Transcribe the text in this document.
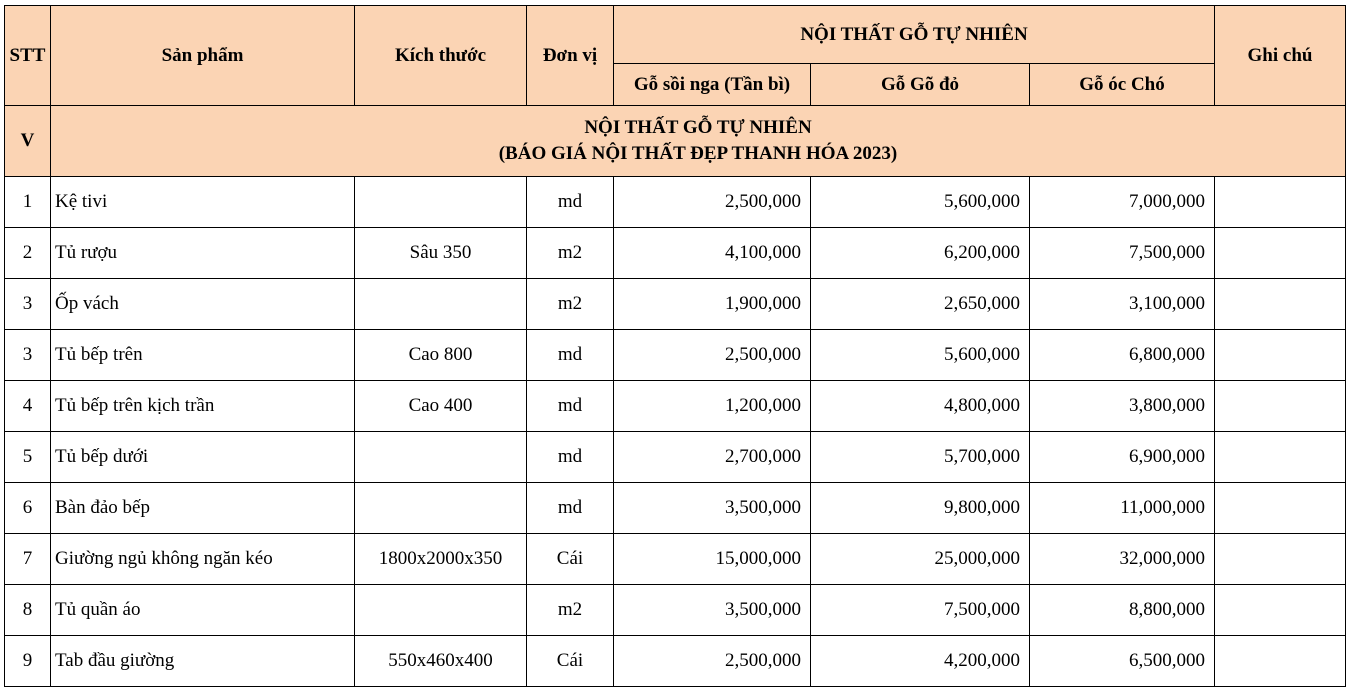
STT	Sản phẩm	Kích thước	Đơn vị	NỘI THẤT GỖ TỰ NHIÊN			Ghi chú
				Gỗ sồi nga (Tần bì)	Gỗ Gõ đỏ	Gỗ óc Chó	
V	NỘI THẤT GỖ TỰ NHIÊN
(BÁO GIÁ NỘI THẤT ĐẸP THANH HÓA 2023)						

1	Kệ tivi		md	2,500,000	5,600,000	7,000,000	
2	Tủ rượu	Sâu 350	m2	4,100,000	6,200,000	7,500,000	
3	Ốp vách		m2	1,900,000	2,650,000	3,100,000	
3	Tủ bếp trên	Cao 800	md	2,500,000	5,600,000	6,800,000	
4	Tủ bếp trên kịch trần	Cao 400	md	1,200,000	4,800,000	3,800,000	
5	Tủ bếp dưới		md	2,700,000	5,700,000	6,900,000	
6	Bàn đảo bếp		md	3,500,000	9,800,000	11,000,000	
7	Giường ngủ không ngăn kéo	1800x2000x350	Cái	15,000,000	25,000,000	32,000,000	
8	Tủ quần áo		m2	3,500,000	7,500,000	8,800,000	
9	Tab đầu giường	550x460x400	Cái	2,500,000	4,200,000	6,500,000	
